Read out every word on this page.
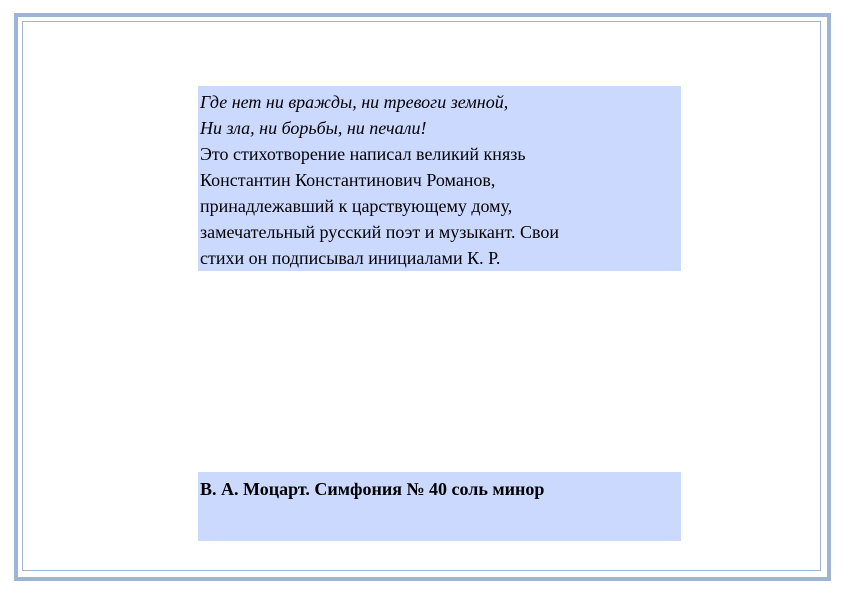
Где нет ни вражды, ни тревоги земной,
Ни зла, ни борьбы, ни печали!
Это стихотворение написал великий князь
Константин Константинович Романов,
принадлежавший к царствующему дому,
замечательный русский поэт и музыкант. Свои
стихи он подписывал инициалами К. Р.
В. А. Моцарт. Симфония № 40 соль минор
